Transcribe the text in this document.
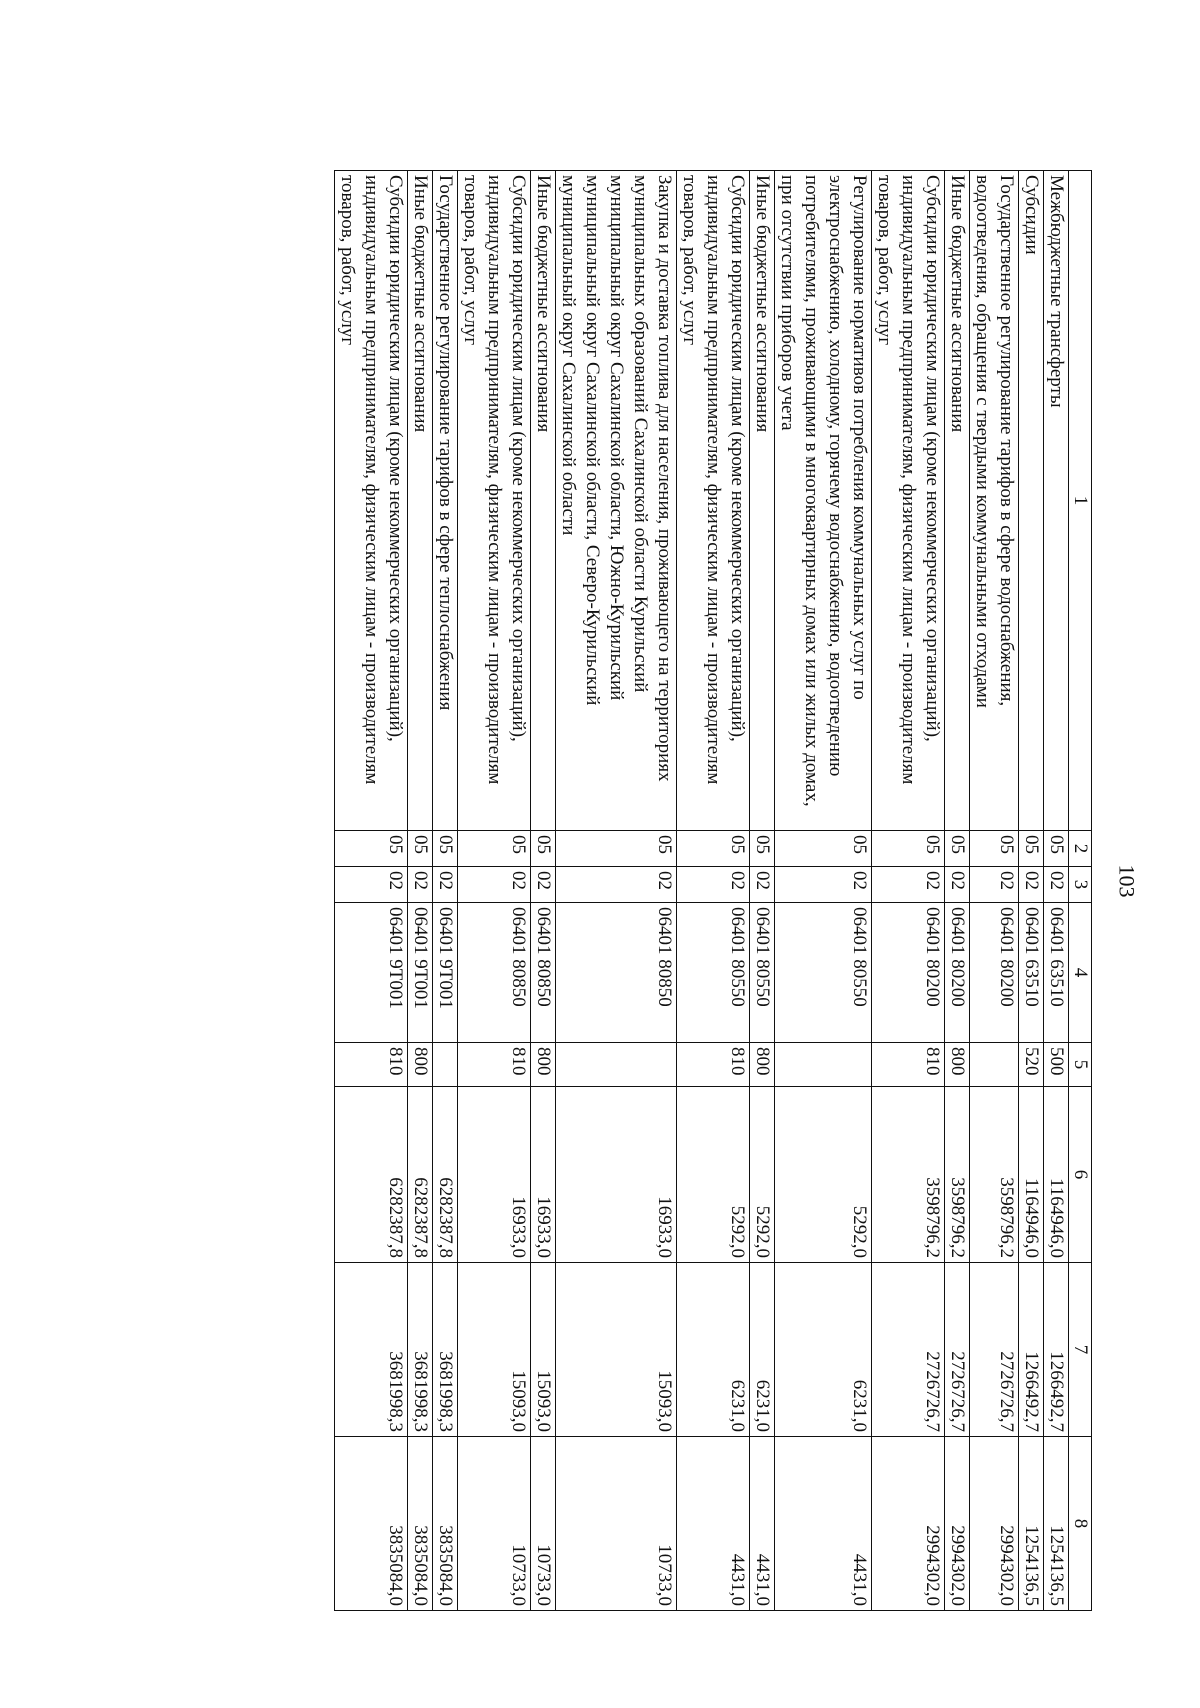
103
1	2	3	4	5	6	7	8
Межбюджетные трансферты	05	02	06401 63510	500	1164946,0	1266492,7	1254136,5
Субсидии	05	02	06401 63510	520	1164946,0	1266492,7	1254136,5
Государственное регулирование тарифов в сфере водоснабжения, водоотведения, обращения с твердыми коммунальными отходами	05	02	06401 80200		3598796,2	2726726,7	2994302,0
Иные бюджетные ассигнования	05	02	06401 80200	800	3598796,2	2726726,7	2994302,0
Субсидии юридическим лицам (кроме некоммерческих организаций), индивидуальным предпринимателям, физическим лицам - производителям товаров, работ, услуг	05	02	06401 80200	810	3598796,2	2726726,7	2994302,0
Регулирование нормативов потребления коммунальных услуг по электроснабжению, холодному, горячему водоснабжению, водоотведению потребителями, проживающими в многоквартирных домах или жилых домах, при отсутствии приборов учета	05	02	06401 80550		5292,0	6231,0	4431,0
Иные бюджетные ассигнования	05	02	06401 80550	800	5292,0	6231,0	4431,0
Субсидии юридическим лицам (кроме некоммерческих организаций), индивидуальным предпринимателям, физическим лицам - производителям товаров, работ, услуг	05	02	06401 80550	810	5292,0	6231,0	4431,0
Закупка и доставка топлива для населения, проживающего на территориях муниципальных образований Сахалинской области Курильский муниципальный округ Сахалинской области, Южно-Курильский муниципальный округ Сахалинской области, Северо-Курильский муниципальный округ Сахалинской области	05	02	06401 80850		16933,0	15093,0	10733,0
Иные бюджетные ассигнования	05	02	06401 80850	800	16933,0	15093,0	10733,0
Субсидии юридическим лицам (кроме некоммерческих организаций), индивидуальным предпринимателям, физическим лицам - производителям товаров, работ, услуг	05	02	06401 80850	810	16933,0	15093,0	10733,0
Государственное регулирование тарифов в сфере теплоснабжения	05	02	06401 9Т001		6282387,8	3681998,3	3835084,0
Иные бюджетные ассигнования	05	02	06401 9Т001	800	6282387,8	3681998,3	3835084,0
Субсидии юридическим лицам (кроме некоммерческих организаций), индивидуальным предпринимателям, физическим лицам - производителям товаров, работ, услуг	05	02	06401 9Т001	810	6282387,8	3681998,3	3835084,0
